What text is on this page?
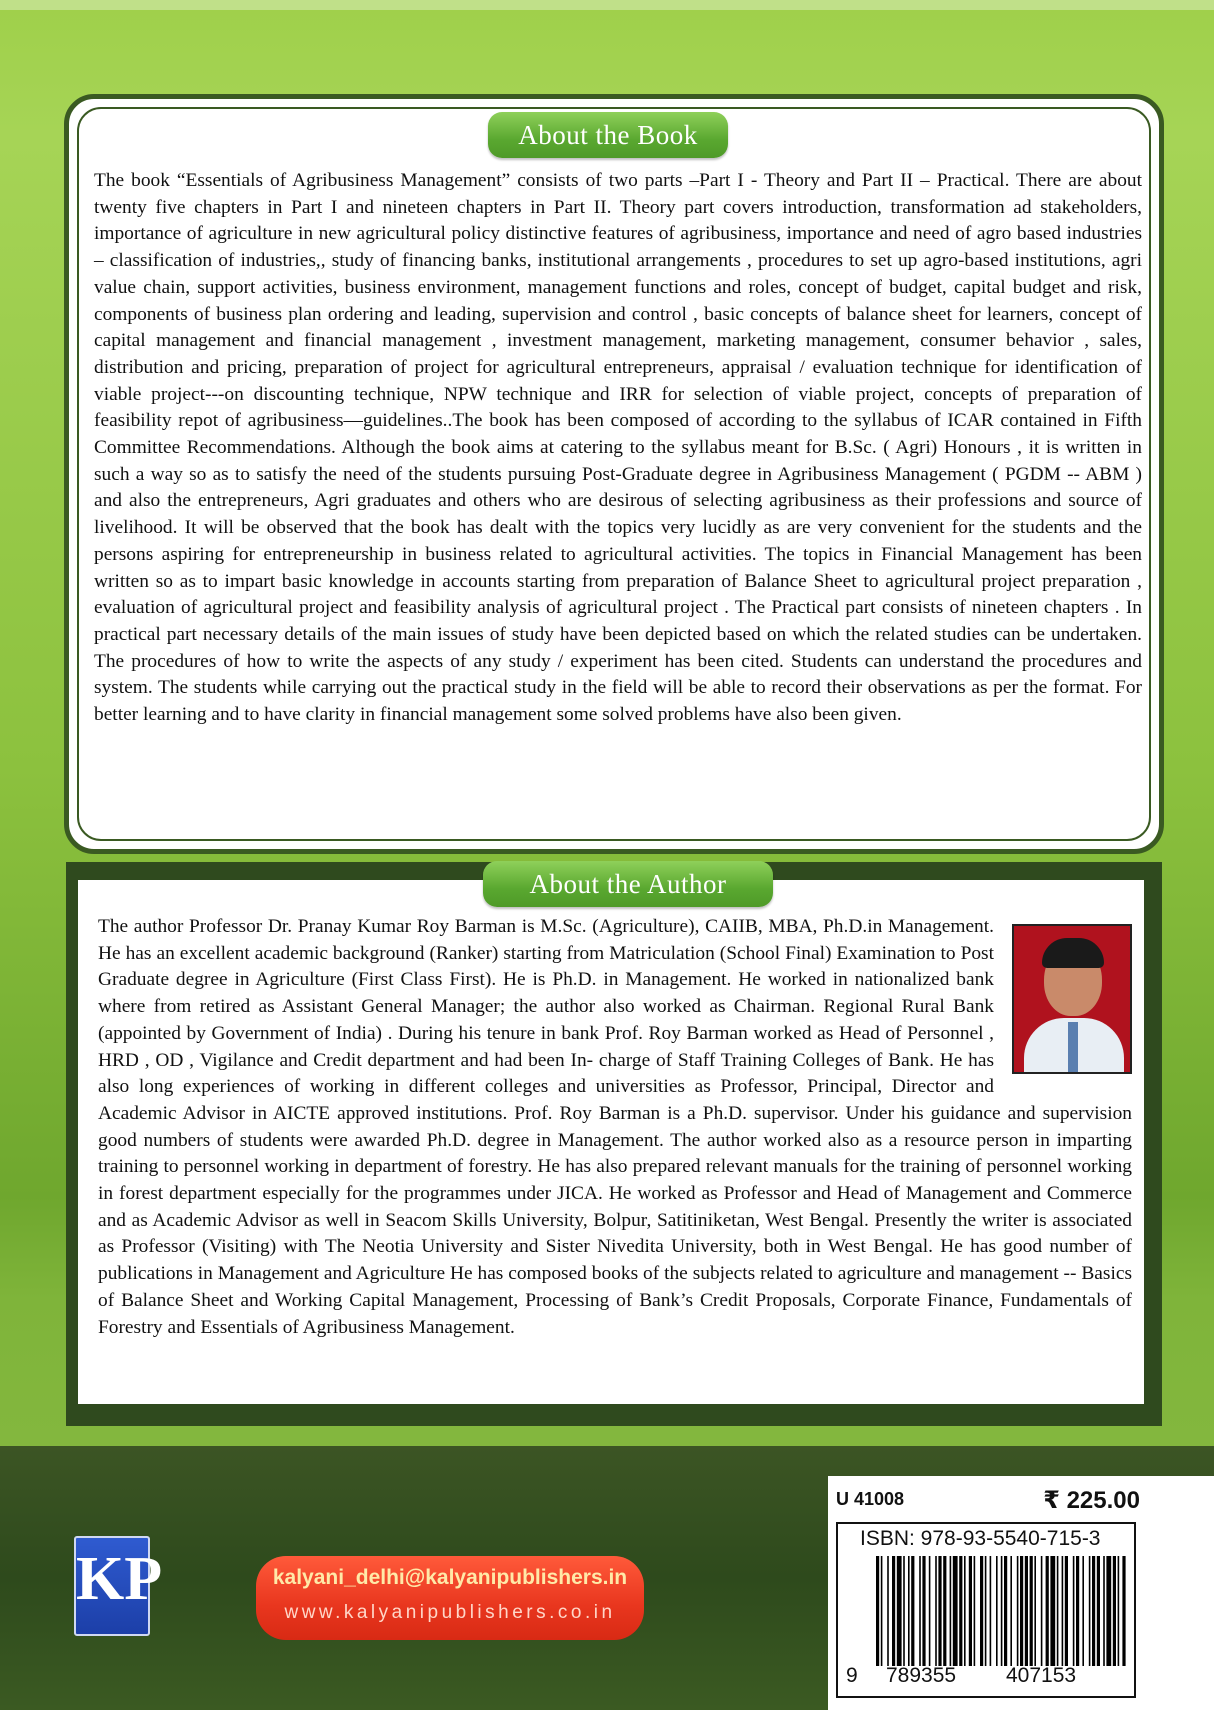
About the Book
The book “Essentials of Agribusiness Management” consists of two parts –Part I - Theory and Part II – Practical. There are about twenty five chapters in Part I and nineteen chapters in Part II. Theory part covers introduction, transformation ad stakeholders, importance of agriculture in new agricultural policy distinctive features of agribusiness, importance and need of agro based industries – classification of industries,, study of financing banks, institutional arrangements , procedures to set up agro-based institutions, agri value chain, support activities, business environment, management functions and roles, concept of budget, capital budget and risk, components of business plan ordering and leading, supervision and control , basic concepts of balance sheet for learners, concept of capital management and financial management , investment management, marketing management, consumer behavior , sales, distribution and pricing, preparation of project for agricultural entrepreneurs, appraisal / evaluation technique for identification of viable project---on discounting technique, NPW technique and IRR for selection of viable project, concepts of preparation of feasibility repot of agribusiness—guidelines..The book has been composed of according to the syllabus of ICAR contained in Fifth Committee Recommendations. Although the book aims at catering to the syllabus meant for B.Sc. ( Agri) Honours , it is written in such a way so as to satisfy the need of the students pursuing Post-Graduate degree in Agribusiness Management ( PGDM -- ABM ) and also the entrepreneurs, Agri graduates and others who are desirous of selecting agribusiness as their professions and source of livelihood. It will be observed that the book has dealt with the topics very lucidly as are very convenient for the students and the persons aspiring for entrepreneurship in business related to agricultural activities. The topics in Financial Management has been written so as to impart basic knowledge in accounts starting from preparation of Balance Sheet to agricultural project preparation , evaluation of agricultural project and feasibility analysis of agricultural project . The Practical part consists of nineteen chapters . In practical part necessary details of the main issues of study have been depicted based on which the related studies can be undertaken. The procedures of how to write the aspects of any study / experiment has been cited. Students can understand the procedures and system. The students while carrying out the practical study in the field will be able to record their observations as per the format. For better learning and to have clarity in financial management some solved problems have also been given.
About the Author
The author Professor Dr. Pranay Kumar Roy Barman is M.Sc. (Agriculture), CAIIB, MBA, Ph.D.in Management. He has an excellent academic background (Ranker) starting from Matriculation (School Final) Examination to Post Graduate degree in Agriculture (First Class First). He is Ph.D. in Management. He worked in nationalized bank where from retired as Assistant General Manager; the author also worked as Chairman. Regional Rural Bank (appointed by Government of India) . During his tenure in bank Prof. Roy Barman worked as Head of Personnel , HRD , OD , Vigilance and Credit department and had been In- charge of Staff Training Colleges of Bank. He has also long experiences of working in different colleges and universities as Professor, Principal, Director and Academic Advisor in AICTE approved institutions. Prof. Roy Barman is a Ph.D. supervisor. Under his guidance and supervision good numbers of students were awarded Ph.D. degree in Management. The author worked also as a resource person in imparting training to personnel working in department of forestry. He has also prepared relevant manuals for the training of personnel working in forest department especially for the programmes under JICA. He worked as Professor and Head of Management and Commerce and as Academic Advisor as well in Seacom Skills University, Bolpur, Satitiniketan, West Bengal. Presently the writer is associated as Professor (Visiting) with The Neotia University and Sister Nivedita University, both in West Bengal. He has good number of publications in Management and Agriculture He has composed books of the subjects related to agriculture and management -- Basics of Balance Sheet and Working Capital Management, Processing of Bank’s Credit Proposals, Corporate Finance, Fundamentals of Forestry and Essentials of Agribusiness Management.
KP	kalyani_delhi@kalyanipublishers.in
www.kalyanipublishers.co.in
U 41008	₹ 225.00
ISBN: 978-93-5540-715-3
9 789355 407153
